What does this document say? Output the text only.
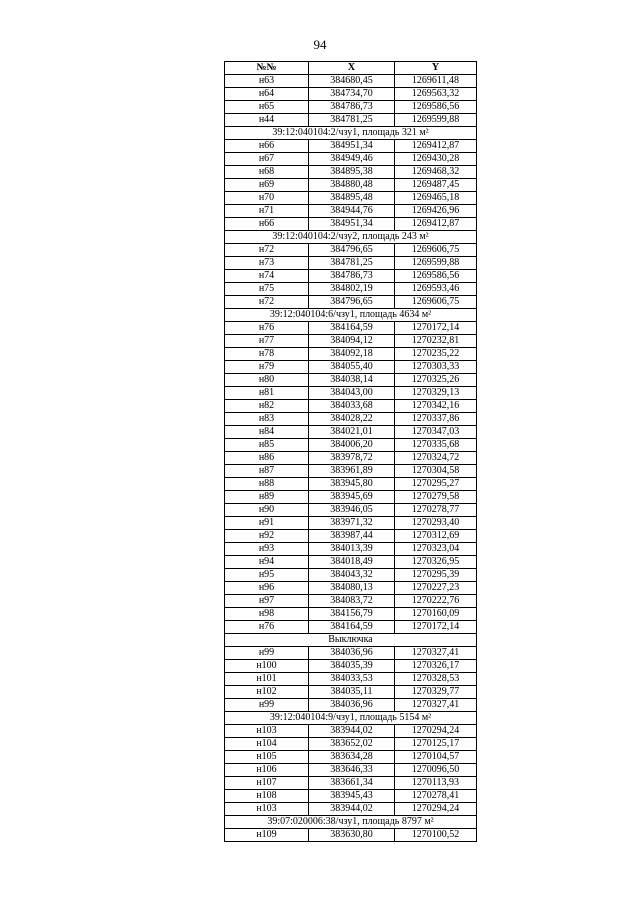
94
№№	X	Y
н63	384680,45	1269611,48
н64	384734,70	1269563,32
н65	384786,73	1269586,56
н44	384781,25	1269599,88
39:12:040104:2/чзу1, площадь 321 м²		
н66	384951,34	1269412,87
н67	384949,46	1269430,28
н68	384895,38	1269468,32
н69	384880,48	1269487,45
н70	384895,48	1269465,18
н71	384944,76	1269426,96
н66	384951,34	1269412,87
39:12:040104:2/чзу2, площадь 243 м²		
н72	384796,65	1269606,75
н73	384781,25	1269599,88
н74	384786,73	1269586,56
н75	384802,19	1269593,46
н72	384796,65	1269606,75
39:12:040104:6/чзу1, площадь 4634 м²		
н76	384164,59	1270172,14
н77	384094,12	1270232,81
н78	384092,18	1270235,22
н79	384055,40	1270303,33
н80	384038,14	1270325,26
н81	384043,00	1270329,13
н82	384033,68	1270342,16
н83	384028,22	1270337,86
н84	384021,01	1270347,03
н85	384006,20	1270335,68
н86	383978,72	1270324,72
н87	383961,89	1270304,58
н88	383945,80	1270295,27
н89	383945,69	1270279,58
н90	383946,05	1270278,77
н91	383971,32	1270293,40
н92	383987,44	1270312,69
н93	384013,39	1270323,04
н94	384018,49	1270326,95
н95	384043,32	1270295,39
н96	384080,13	1270227,23
н97	384083,72	1270222,76
н98	384156,79	1270160,09
н76	384164,59	1270172,14
Выключка		
н99	384036,96	1270327,41
н100	384035,39	1270326,17
н101	384033,53	1270328,53
н102	384035,11	1270329,77
н99	384036,96	1270327,41
39:12:040104:9/чзу1, площадь 5154 м²		
н103	383944,02	1270294,24
н104	383652,02	1270125,17
н105	383634,28	1270104,57
н106	383646,33	1270096,50
н107	383661,34	1270113,93
н108	383945,43	1270278,41
н103	383944,02	1270294,24
39:07:020006:38/чзу1, площадь 8797 м²		
н109	383630,80	1270100,52
